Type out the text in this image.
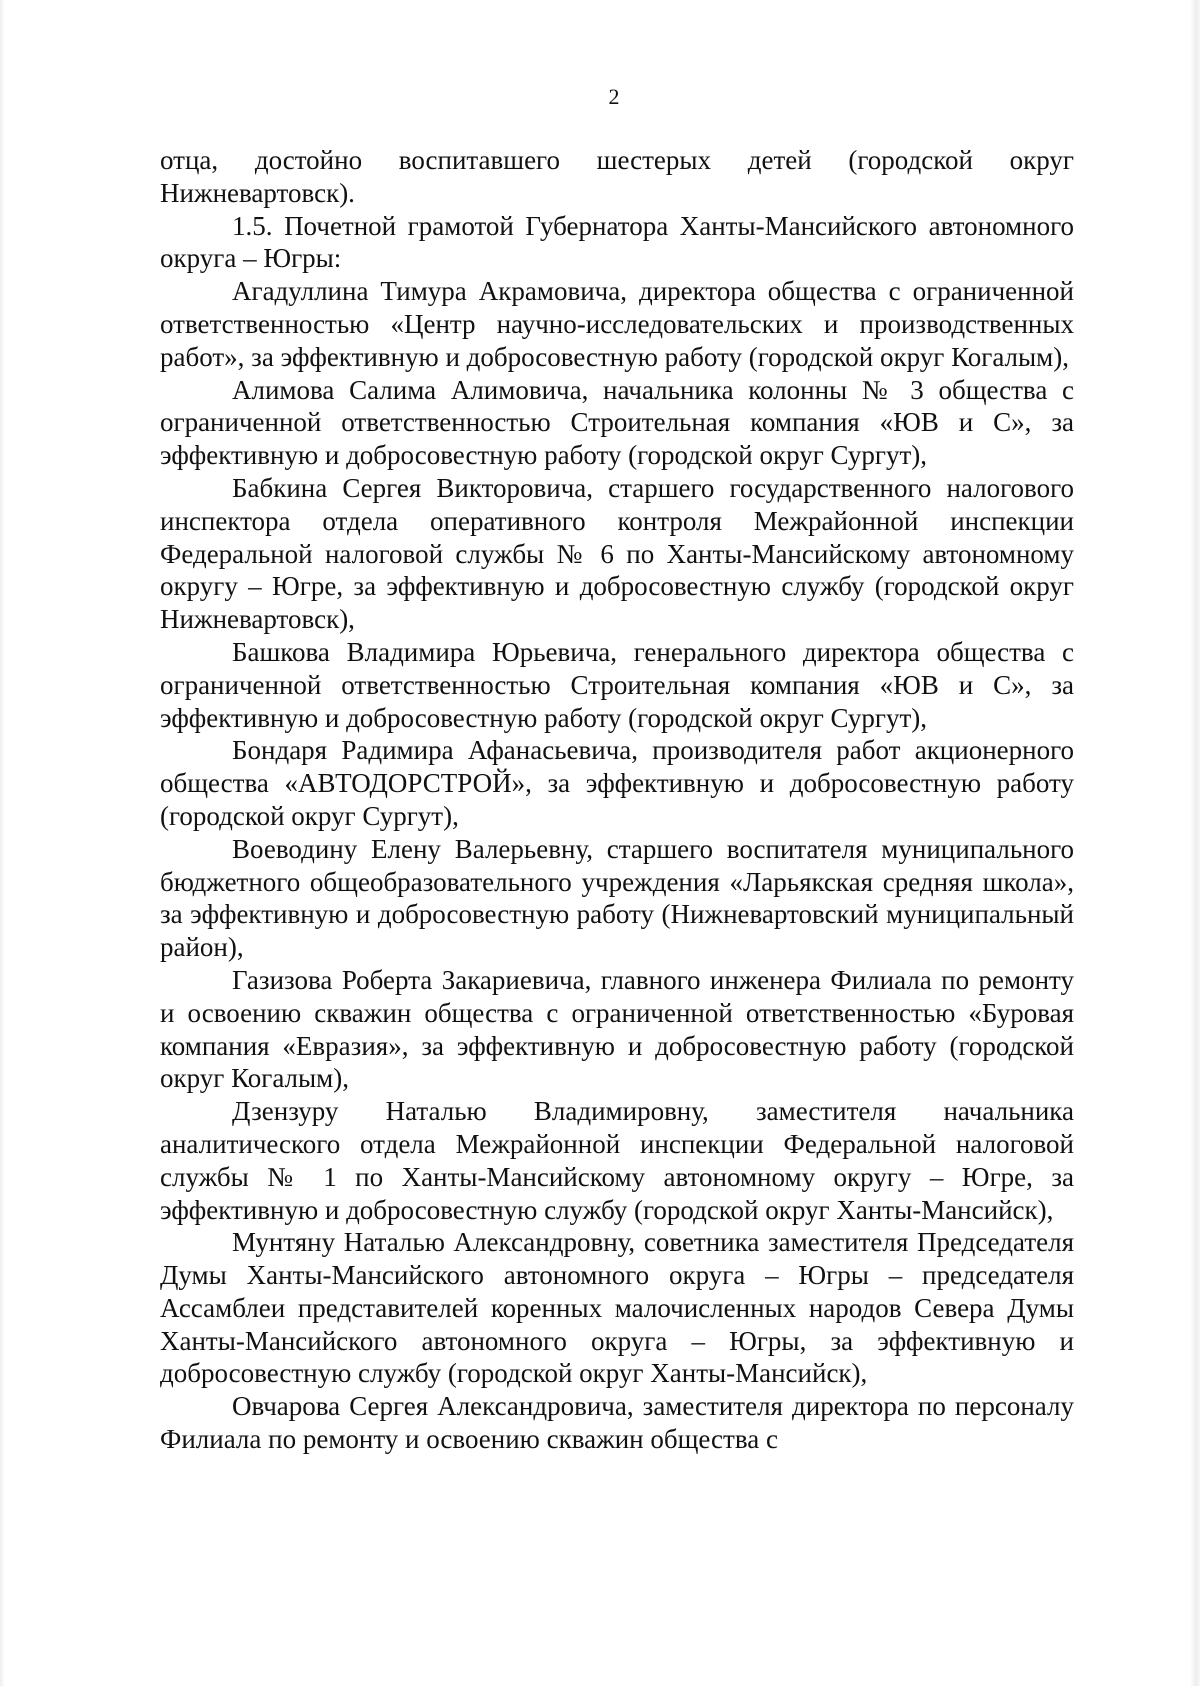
2

отца, достойно воспитавшего шестерых детей (городской округ Нижневартовск).

1.5. Почетной грамотой Губернатора Ханты-Мансийского автономного округа – Югры:

Агадуллина Тимура Акрамовича, директора общества с ограниченной ответственностью «Центр научно-исследовательских и производственных работ», за эффективную и добросовестную работу (городской округ Когалым),

Алимова Салима Алимовича, начальника колонны № 3 общества с ограниченной ответственностью Строительная компания «ЮВ и С», за эффективную и добросовестную работу (городской округ Сургут),

Бабкина Сергея Викторовича, старшего государственного налогового инспектора отдела оперативного контроля Межрайонной инспекции Федеральной налоговой службы № 6 по Ханты-Мансийскому автономному округу – Югре, за эффективную и добросовестную службу (городской округ Нижневартовск),

Башкова Владимира Юрьевича, генерального директора общества с ограниченной ответственностью Строительная компания «ЮВ и С», за эффективную и добросовестную работу (городской округ Сургут),

Бондаря Радимира Афанасьевича, производителя работ акционерного общества «АВТОДОРСТРОЙ», за эффективную и добросовестную работу (городской округ Сургут),

Воеводину Елену Валерьевну, старшего воспитателя муниципального бюджетного общеобразовательного учреждения «Ларьякская средняя школа», за эффективную и добросовестную работу (Нижневартовский муниципальный район),

Газизова Роберта Закариевича, главного инженера Филиала по ремонту и освоению скважин общества с ограниченной ответственностью «Буровая компания «Евразия», за эффективную и добросовестную работу (городской округ Когалым),

Дзензуру Наталью Владимировну, заместителя начальника аналитического отдела Межрайонной инспекции Федеральной налоговой службы № 1 по Ханты-Мансийскому автономному округу – Югре, за эффективную и добросовестную службу (городской округ Ханты-Мансийск),

Мунтяну Наталью Александровну, советника заместителя Председателя Думы Ханты-Мансийского автономного округа – Югры – председателя Ассамблеи представителей коренных малочисленных народов Севера Думы Ханты-Мансийского автономного округа – Югры, за эффективную и добросовестную службу (городской округ Ханты-Мансийск),

Овчарова Сергея Александровича, заместителя директора по персоналу Филиала по ремонту и освоению скважин общества с
